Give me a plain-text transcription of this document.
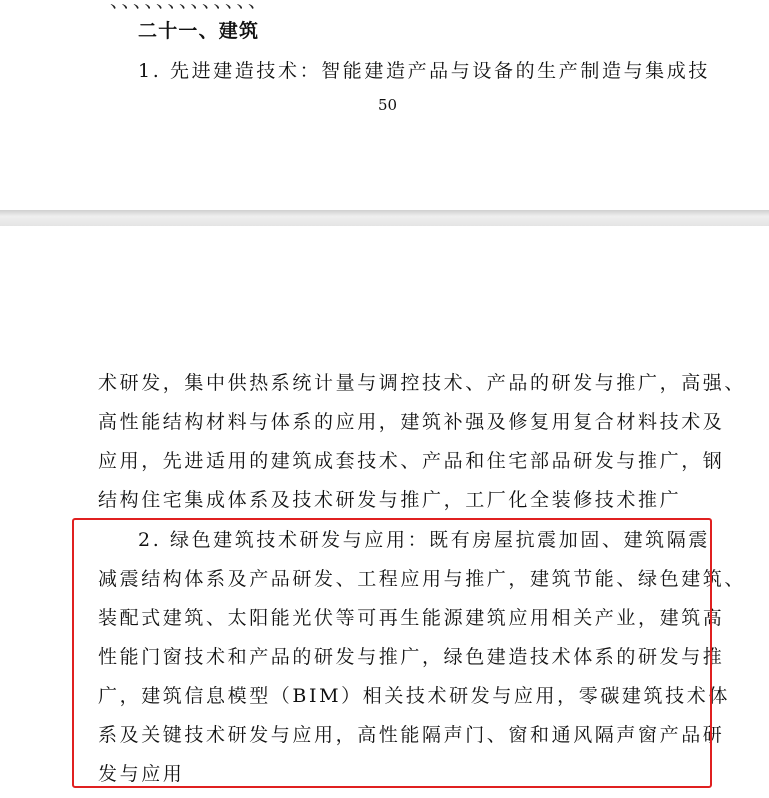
、、、、、、、、、、、、、
二十一、建筑
1. 先进建造技术：智能建造产品与设备的生产制造与集成技
50
术研发，集中供热系统计量与调控技术、产品的研发与推广，高强、
高性能结构材料与体系的应用，建筑补强及修复用复合材料技术及
应用，先进适用的建筑成套技术、产品和住宅部品研发与推广，钢
结构住宅集成体系及技术研发与推广，工厂化全装修技术推广
2. 绿色建筑技术研发与应用：既有房屋抗震加固、建筑隔震
减震结构体系及产品研发、工程应用与推广，建筑节能、绿色建筑、
装配式建筑、太阳能光伏等可再生能源建筑应用相关产业，建筑高
性能门窗技术和产品的研发与推广，绿色建造技术体系的研发与推
广，建筑信息模型（BIM）相关技术研发与应用，零碳建筑技术体
系及关键技术研发与应用，高性能隔声门、窗和通风隔声窗产品研
发与应用
